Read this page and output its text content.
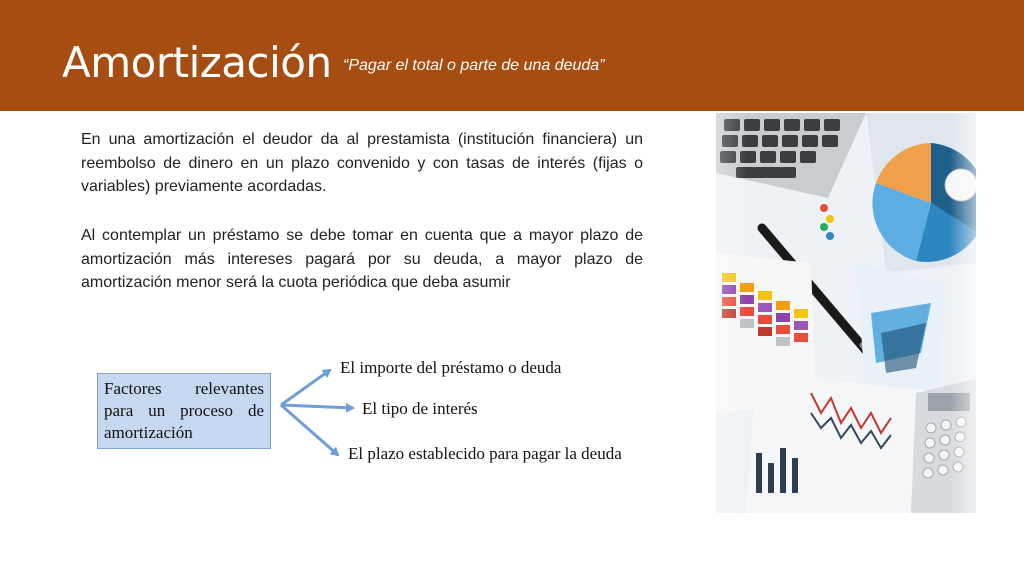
Amortización “Pagar el total o parte de una deuda”

En una amortización el deudor da al prestamista (institución financiera) un reembolso de dinero en un plazo convenido y con tasas de interés (fijas o variables) previamente acordadas.

Al contemplar un préstamo se debe tomar en cuenta que a mayor plazo de amortización más intereses pagará por su deuda, a mayor plazo de amortización menor será la cuota periódica que deba asumir

Factores relevantes para un proceso de amortización
El importe del préstamo o deuda
El tipo de interés
El plazo establecido para pagar la deuda
